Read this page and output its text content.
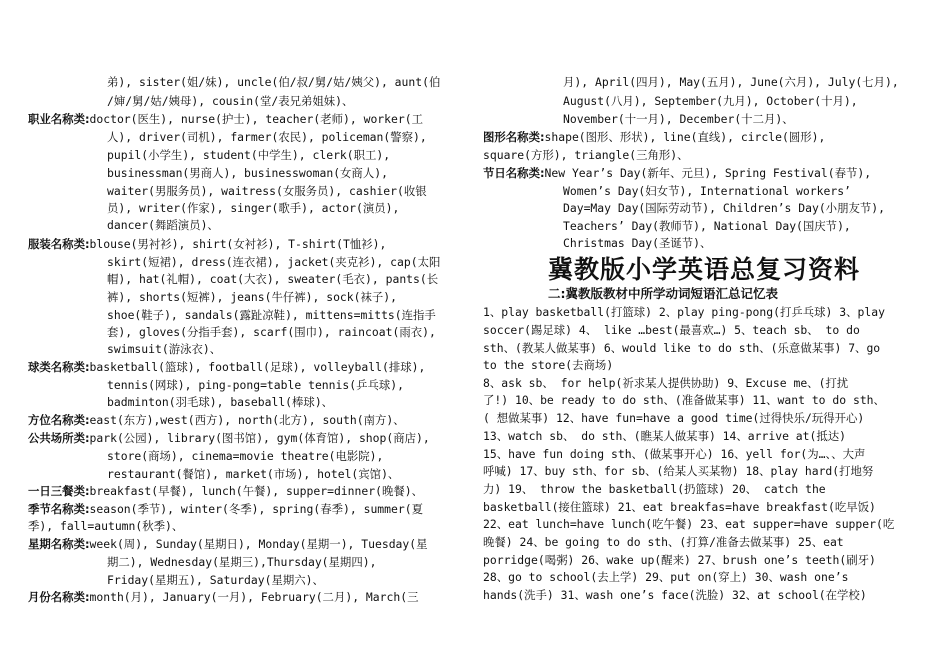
弟), sister(姐/妹), uncle(伯/叔/舅/姑/姨父), aunt(伯
/婶/舅/姑/姨母), cousin(堂/表兄弟姐妹)、
职业名称类:doctor(医生), nurse(护士), teacher(老师), worker(工
人), driver(司机), farmer(农民), policeman(警察),
pupil(小学生), student(中学生), clerk(职工),
businessman(男商人), businesswoman(女商人),
waiter(男服务员), waitress(女服务员), cashier(收银
员), writer(作家), singer(歌手), actor(演员),
dancer(舞蹈演员)、
服装名称类:blouse(男衬衫), shirt(女衬衫), T-shirt(T恤衫),
skirt(短裙), dress(连衣裙), jacket(夹克衫), cap(太阳
帽), hat(礼帽), coat(大衣), sweater(毛衣), pants(长
裤), shorts(短裤), jeans(牛仔裤), sock(袜子),
shoe(鞋子), sandals(露趾凉鞋), mittens=mitts(连指手
套), gloves(分指手套), scarf(围巾), raincoat(雨衣),
swimsuit(游泳衣)、
球类名称类:basketball(篮球), football(足球), volleyball(排球),
tennis(网球), ping-pong=table tennis(乒乓球),
badminton(羽毛球), baseball(棒球)、
方位名称类:east(东方),west(西方), north(北方), south(南方)、
公共场所类:park(公园), library(图书馆), gym(体育馆), shop(商店),
store(商场), cinema=movie theatre(电影院),
restaurant(餐馆), market(市场), hotel(宾馆)、
一日三餐类:breakfast(早餐), lunch(午餐), supper=dinner(晚餐)、
季节名称类:season(季节), winter(冬季), spring(春季), summer(夏
季), fall=autumn(秋季)、
星期名称类:week(周), Sunday(星期日), Monday(星期一), Tuesday(星
期二), Wednesday(星期三),Thursday(星期四),
Friday(星期五), Saturday(星期六)、
月份名称类:month(月), January(一月), February(二月), March(三
月), April(四月), May(五月), June(六月), July(七月),
August(八月), September(九月), October(十月),
November(十一月), December(十二月)、
图形名称类:shape(图形、形状), line(直线), circle(圆形),
square(方形), triangle(三角形)、
节日名称类:New Year’s Day(新年、元旦), Spring Festival(春节),
Women’s Day(妇女节), International workers’
Day=May Day(国际劳动节), Children’s Day(小朋友节),
Teachers’ Day(教师节), National Day(国庆节),
Christmas Day(圣诞节)、
1、play basketball(打篮球) 2、play ping-pong(打乒乓球) 3、play
soccer(踢足球) 4、 like …best(最喜欢…) 5、teach sb、 to do
sth、(教某人做某事) 6、would like to do sth、(乐意做某事) 7、go
to the store(去商场)
8、ask sb、 for help(祈求某人提供协助) 9、Excuse me、(打扰
了!) 10、be ready to do sth、(准备做某事) 11、want to do sth、
( 想做某事) 12、have fun=have a good time(过得快乐/玩得开心)
13、watch sb、 do sth、(瞧某人做某事) 14、arrive at(抵达)
15、have fun doing sth、(做某事开心) 16、yell for(为…、、大声
呼喊) 17、buy sth、for sb、(给某人买某物) 18、play hard(打地努
力) 19、 throw the basketball(扔篮球) 20、 catch the
basketball(接住篮球) 21、eat breakfas=have breakfast(吃早饭)
22、eat lunch=have lunch(吃午餐) 23、eat supper=have supper(吃
晚餐) 24、be going to do sth、(打算/准备去做某事) 25、eat
porridge(喝粥) 26、wake up(醒来) 27、brush one’s teeth(刷牙)
28、go to school(去上学) 29、put on(穿上) 30、wash one’s
hands(洗手) 31、wash one’s face(洗脸) 32、at school(在学校)
冀教版小学英语总复习资料
二:冀教版教材中所学动词短语汇总记忆表
